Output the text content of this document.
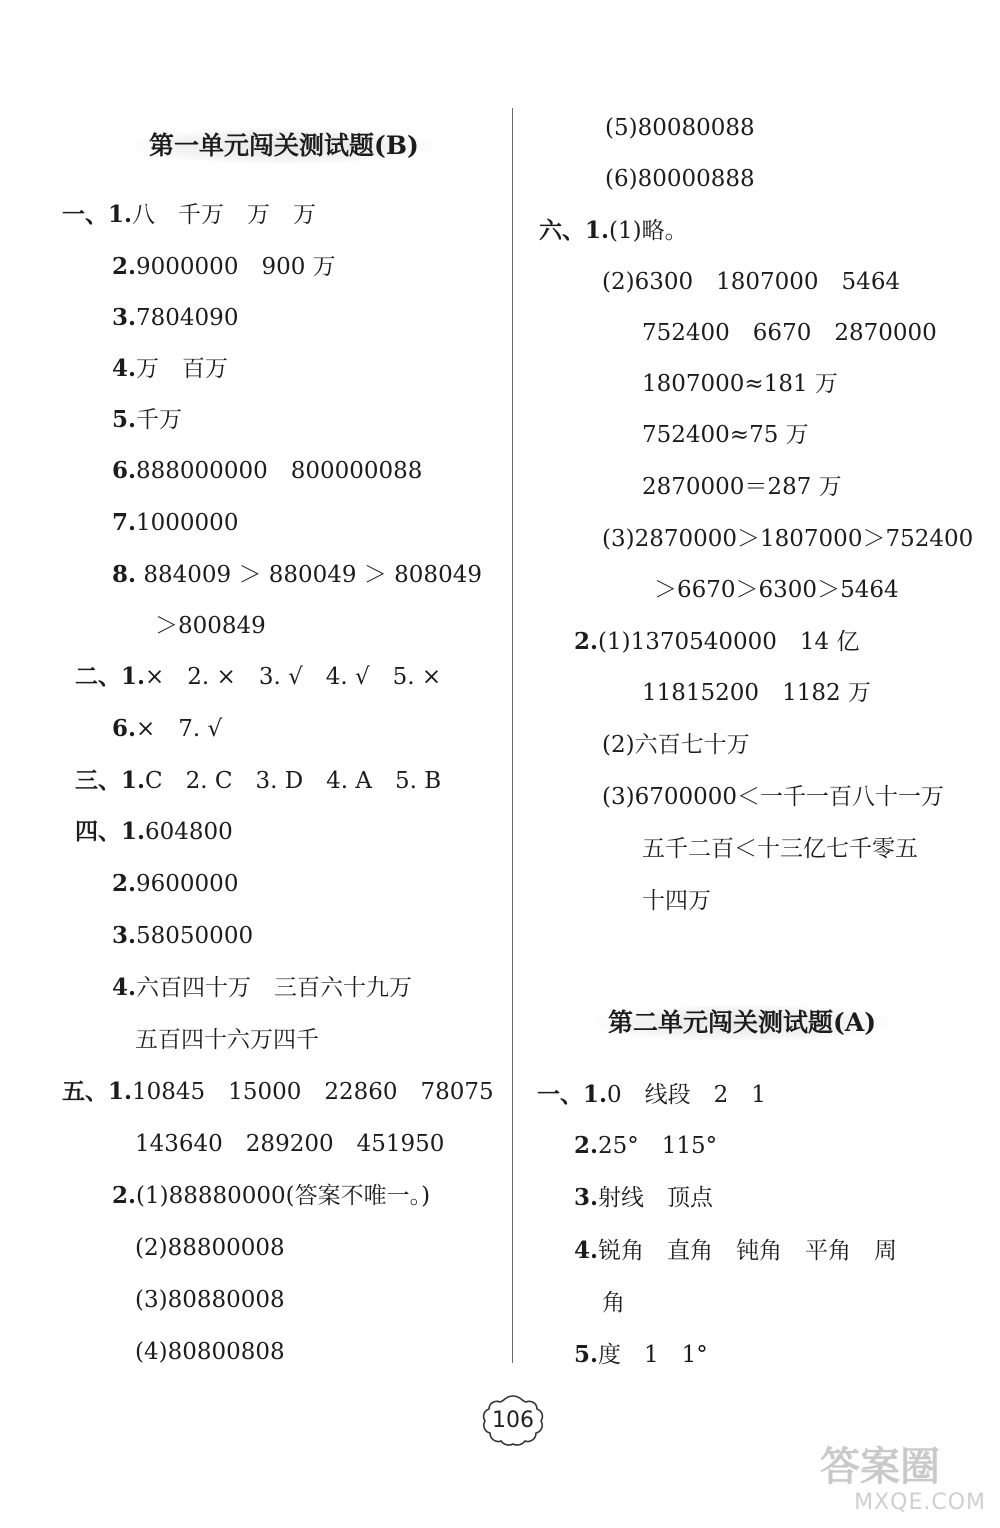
第一单元闯关测试题(B)
一、1.八　千万　万　万
2.9000000　900 万
3.7804090
4.万　百万
5.千万
6.888000000　800000088
7.1000000
8. 884009 ＞ 880049 ＞ 808049
＞800849
二、1.×　2. ×　3. √　4. √　5. ×
6.×　7. √
三、1.C　2. C　3. D　4. A　5. B
四、1.604800
2.9600000
3.58050000
4.六百四十万　三百六十九万
五百四十六万四千
五、1.10845　15000　22860　78075
143640　289200　451950
2.(1)88880000(答案不唯一。)
(2)88800008
(3)80880008
(4)80800808
(5)80080088
(6)80000888
六、1.(1)略。
(2)6300　1807000　5464
752400　6670　2870000
1807000≈181 万
752400≈75 万
2870000＝287 万
(3)2870000＞1807000＞752400
＞6670＞6300＞5464
2.(1)1370540000　14 亿
11815200　1182 万
(2)六百七十万
(3)6700000＜一千一百八十一万
五千二百＜十三亿七千零五
十四万
第二单元闯关测试题(A)
一、1.0　线段　2　1
2.25°　115°
3.射线　顶点
4.锐角　直角　钝角　平角　周
角
5.度　1　1°
106
答案圈
MXQE.COM
